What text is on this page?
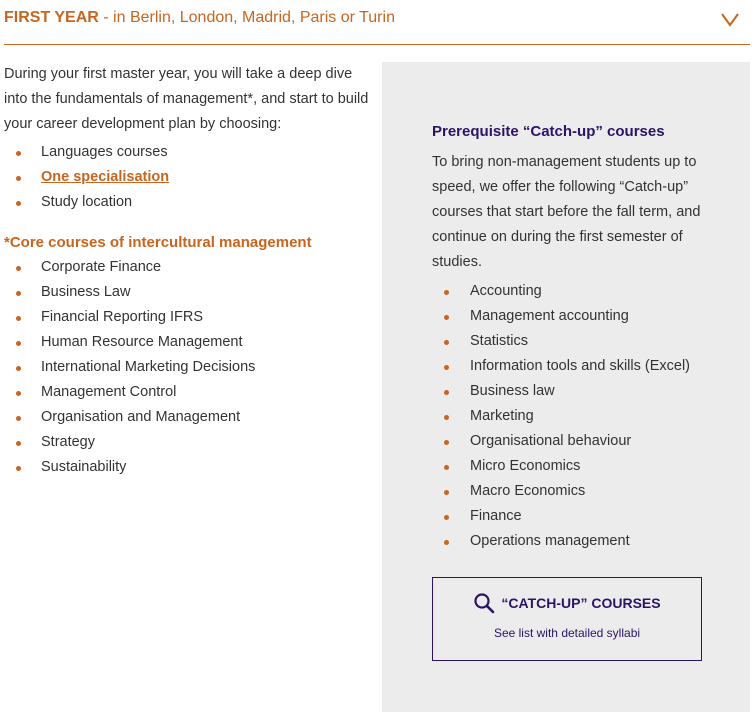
FIRST YEAR - in Berlin, London, Madrid, Paris or Turin

During your first master year, you will take a deep dive into the fundamentals of management*, and start to build your career development plan by choosing:

Languages courses
One specialisation
Study location
*Core courses of intercultural management
Corporate Finance
Business Law
Financial Reporting IFRS
Human Resource Management
International Marketing Decisions
Management Control
Organisation and Management
Strategy
Sustainability

Prerequisite “Catch-up” courses

To bring non-management students up to speed, we offer the following “Catch-up” courses that start before the fall term, and continue on during the first semester of studies.

Accounting
Management accounting
Statistics
Information tools and skills (Excel)
Business law
Marketing
Organisational behaviour
Micro Economics
Macro Economics
Finance
Operations management
“CATCH-UP” COURSES
See list with detailed syllabi
